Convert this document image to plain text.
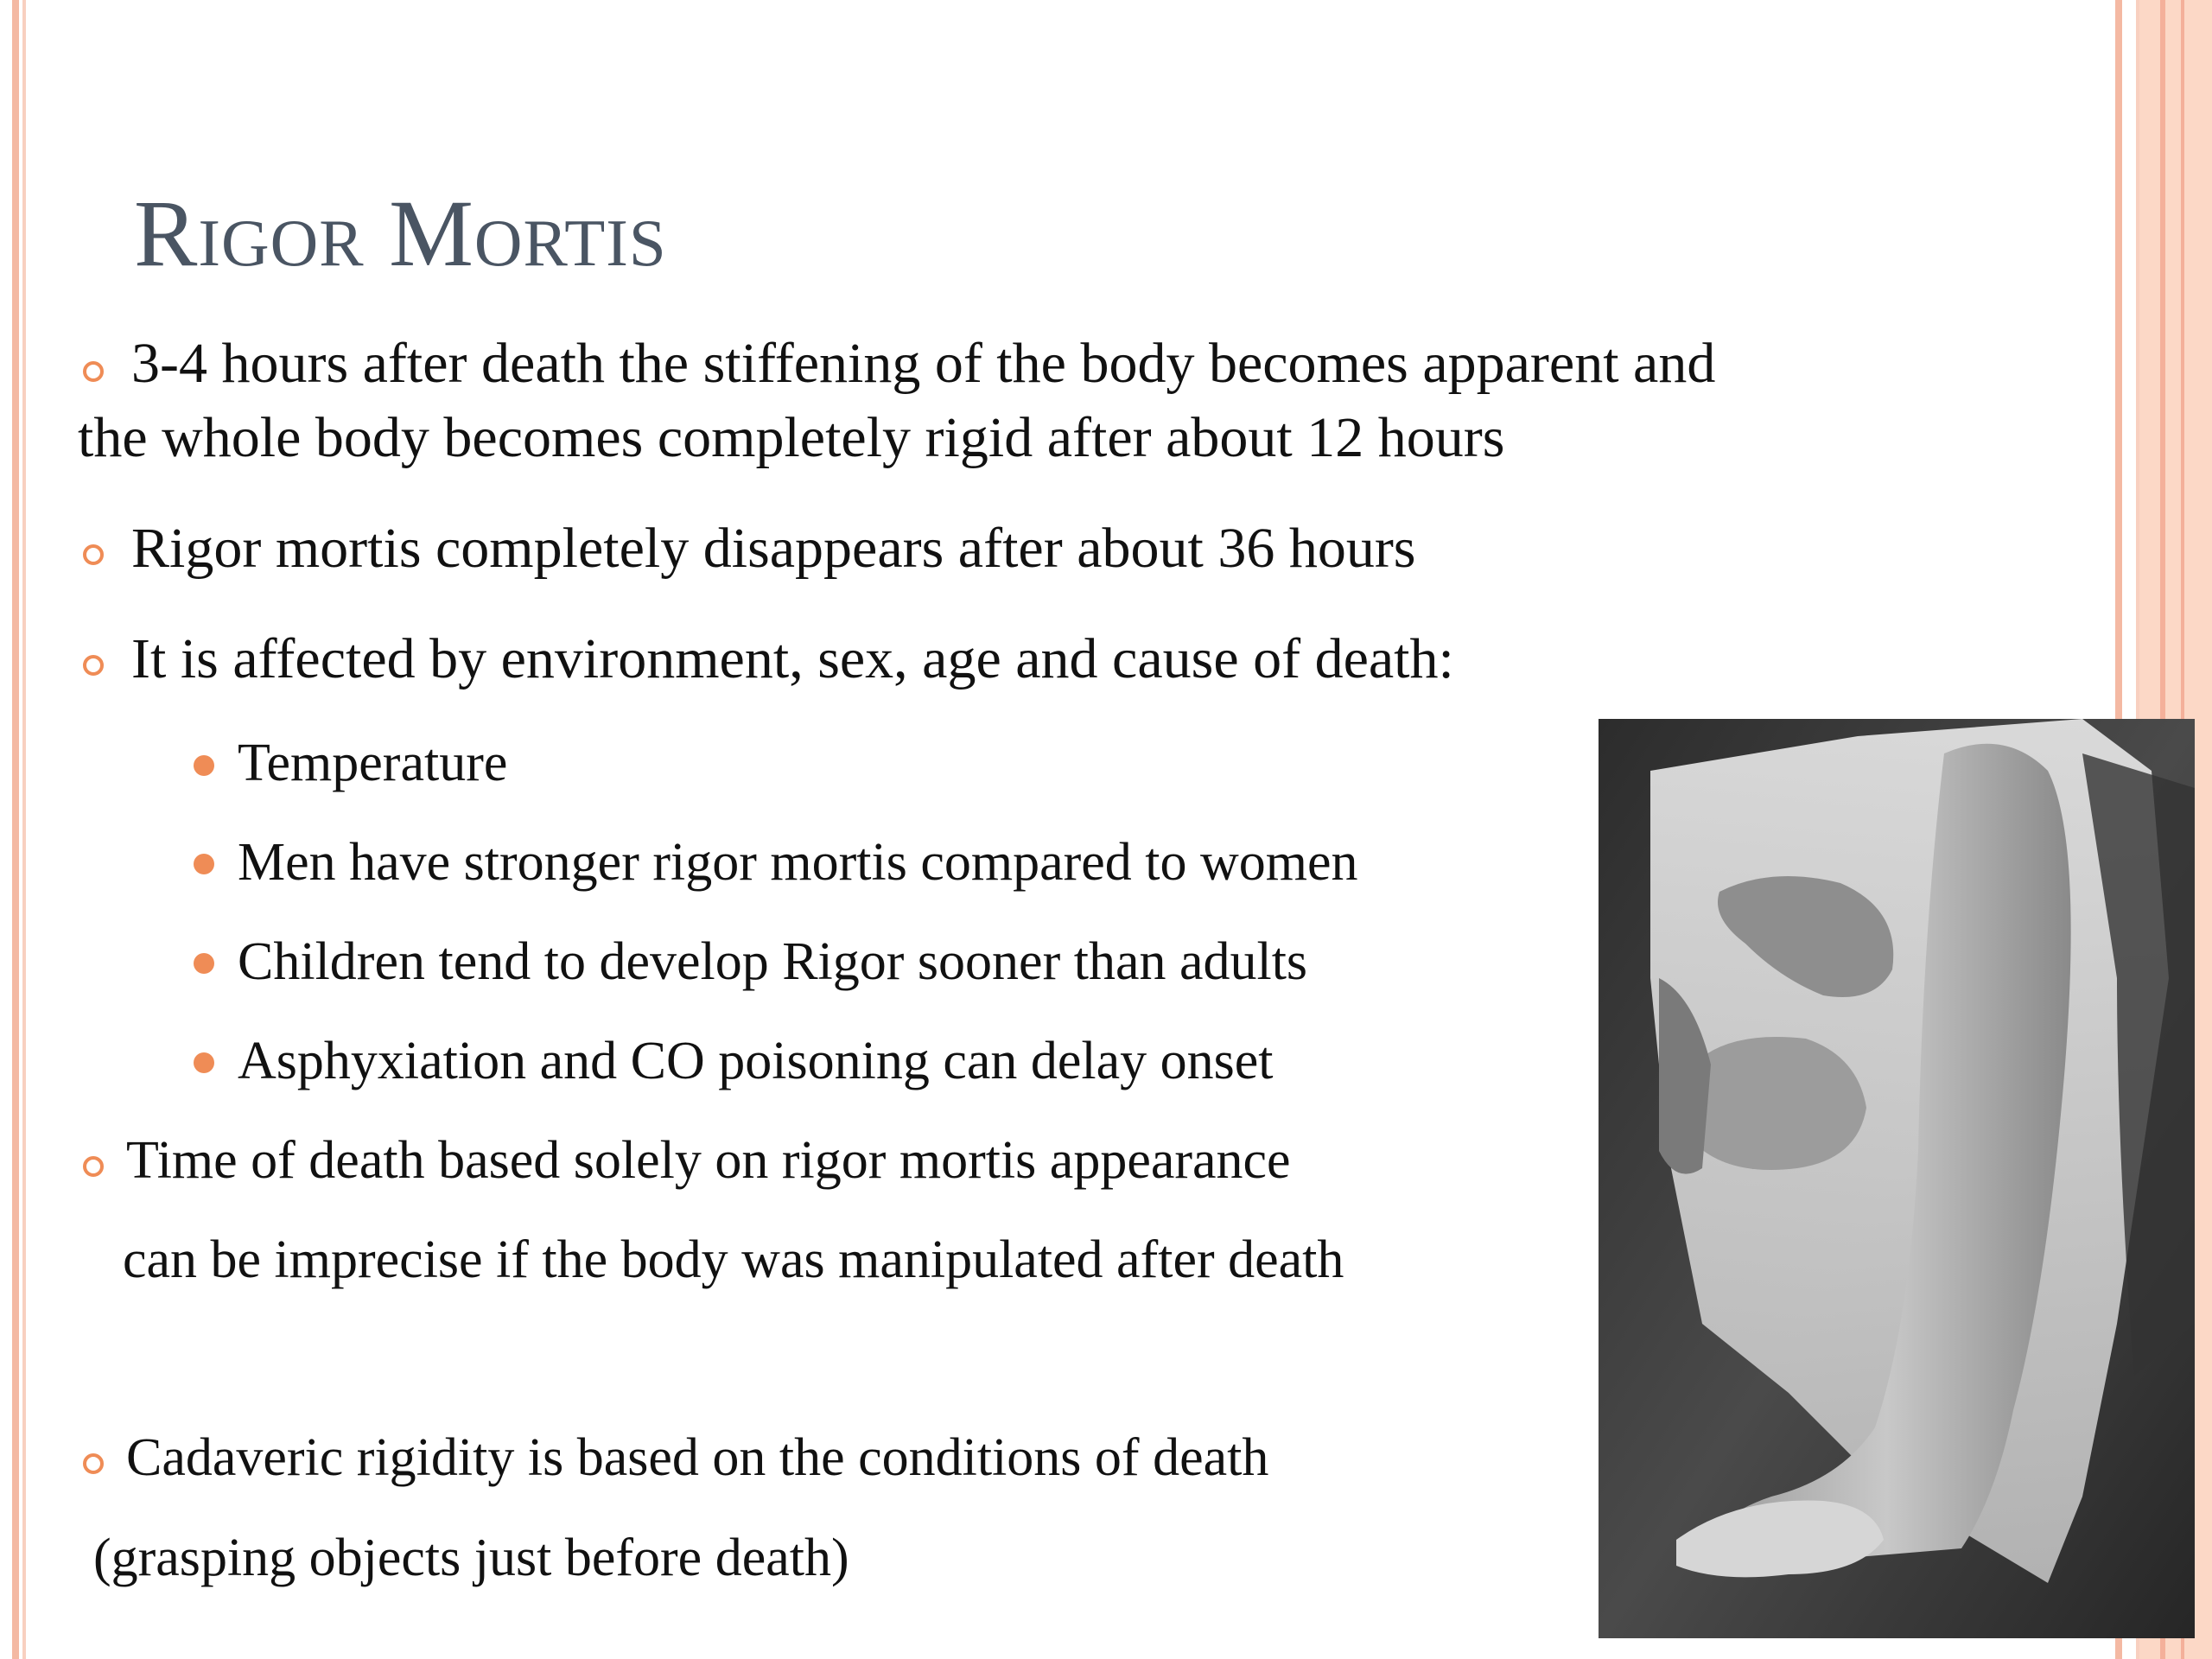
Rigor Mortis
3-4 hours after death the stiffening of the body becomes apparent and
the whole body becomes completely rigid after about 12 hours
Rigor mortis completely disappears after about 36 hours
It is affected by environment, sex, age and cause of death:
Temperature
Men have stronger rigor mortis compared to women
Children tend to develop Rigor sooner than adults
Asphyxiation and CO poisoning can delay onset
Time of death based solely on rigor mortis appearance
can be imprecise if the body was manipulated after death
Cadaveric rigidity is based on the conditions of death
(grasping objects just before death)
